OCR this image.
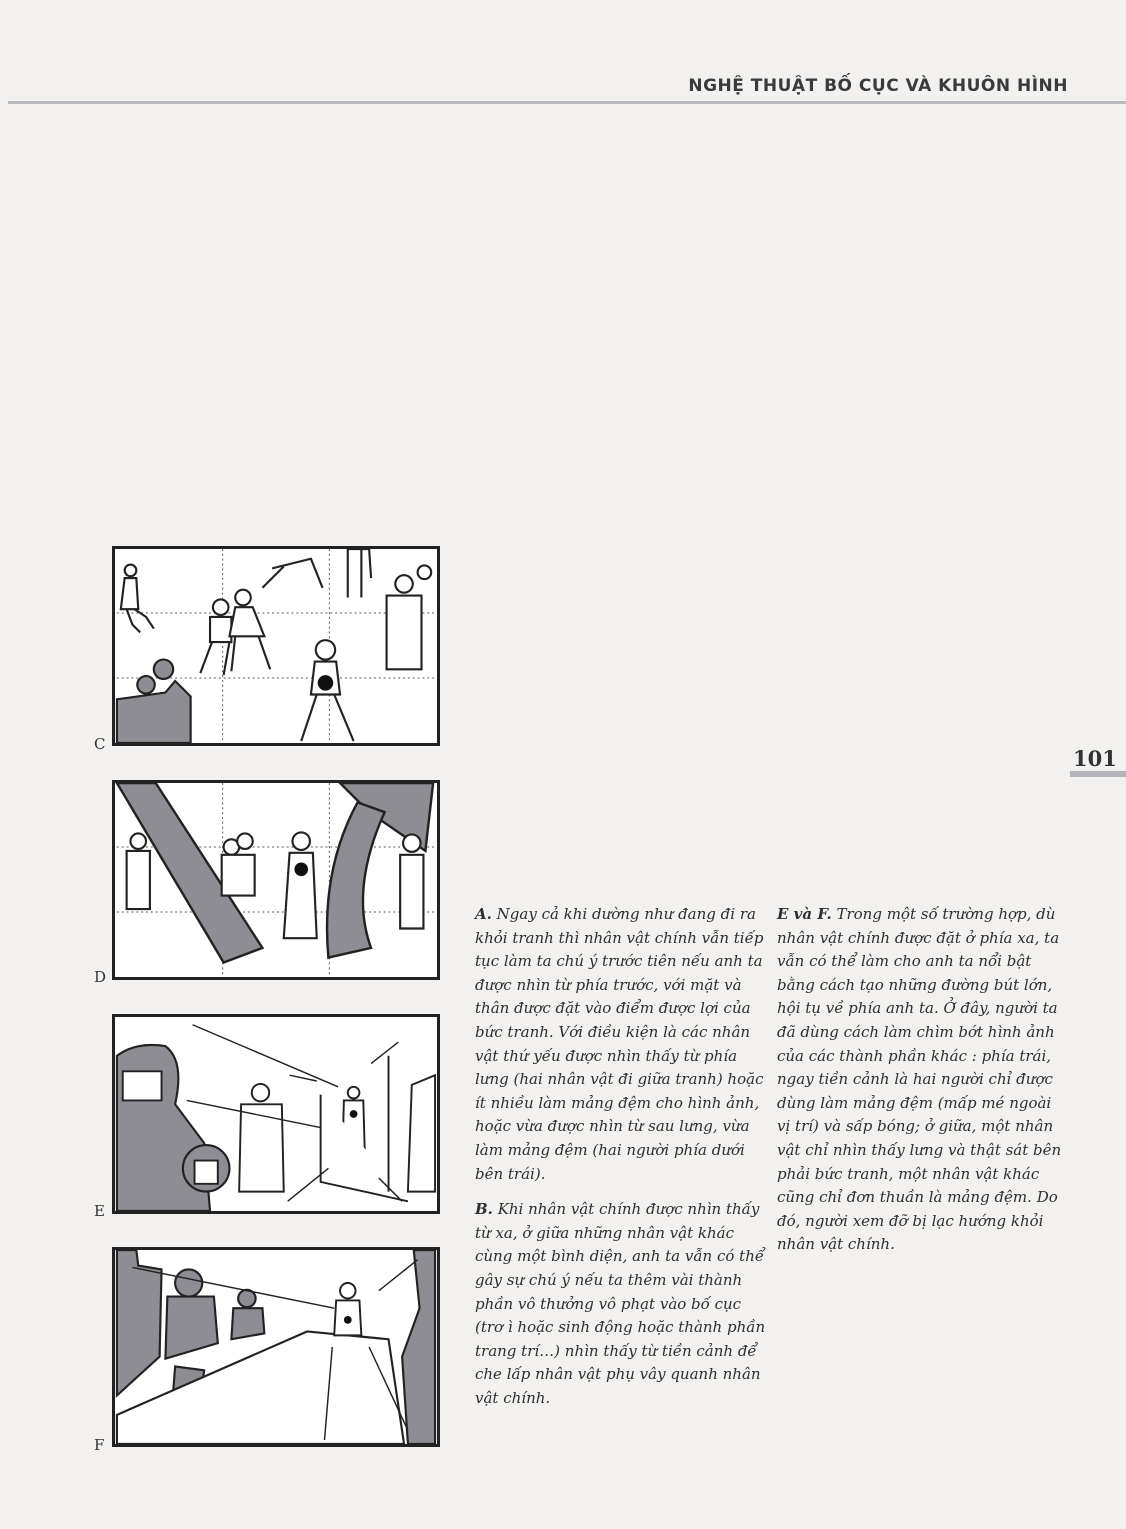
NGHỆ THUẬT BỐ CỤC VÀ KHUÔN HÌNH
101
C
D
E
F

A. Ngay cả khi dường như đang đi ra khỏi tranh thì nhân vật chính vẫn tiếp tục làm ta chú ý trước tiên nếu anh ta được nhìn từ phía trước, với mặt và thân được đặt vào điểm được lợi của bức tranh. Với điều kiện là các nhân vật thứ yếu được nhìn thấy từ phía lưng (hai nhân vật đi giữa tranh) hoặc ít nhiều làm mảng đệm cho hình ảnh, hoặc vừa được nhìn từ sau lưng, vừa làm mảng đệm (hai người phía dưới bên trái).

B. Khi nhân vật chính được nhìn thấy từ xa, ở giữa những nhân vật khác cùng một bình diện, anh ta vẫn có thể gây sự chú ý nếu ta thêm vài thành phần vô thưởng vô phạt vào bố cục (trơ ì hoặc sinh động hoặc thành phần trang trí…) nhìn thấy từ tiền cảnh để che lấp nhân vật phụ vây quanh nhân vật chính.

E và F. Trong một số trường hợp, dù nhân vật chính được đặt ở phía xa, ta vẫn có thể làm cho anh ta nổi bật bằng cách tạo những đường bút lớn, hội tụ về phía anh ta. Ở đây, người ta đã dùng cách làm chìm bớt hình ảnh của các thành phần khác : phía trái, ngay tiền cảnh là hai người chỉ được dùng làm mảng đệm (mấp mé ngoài vị trí) và sấp bóng; ở giữa, một nhân vật chỉ nhìn thấy lưng và thật sát bên phải bức tranh, một nhân vật khác cũng chỉ đơn thuần là mảng đệm. Do đó, người xem đỡ bị lạc hướng khỏi nhân vật chính.
